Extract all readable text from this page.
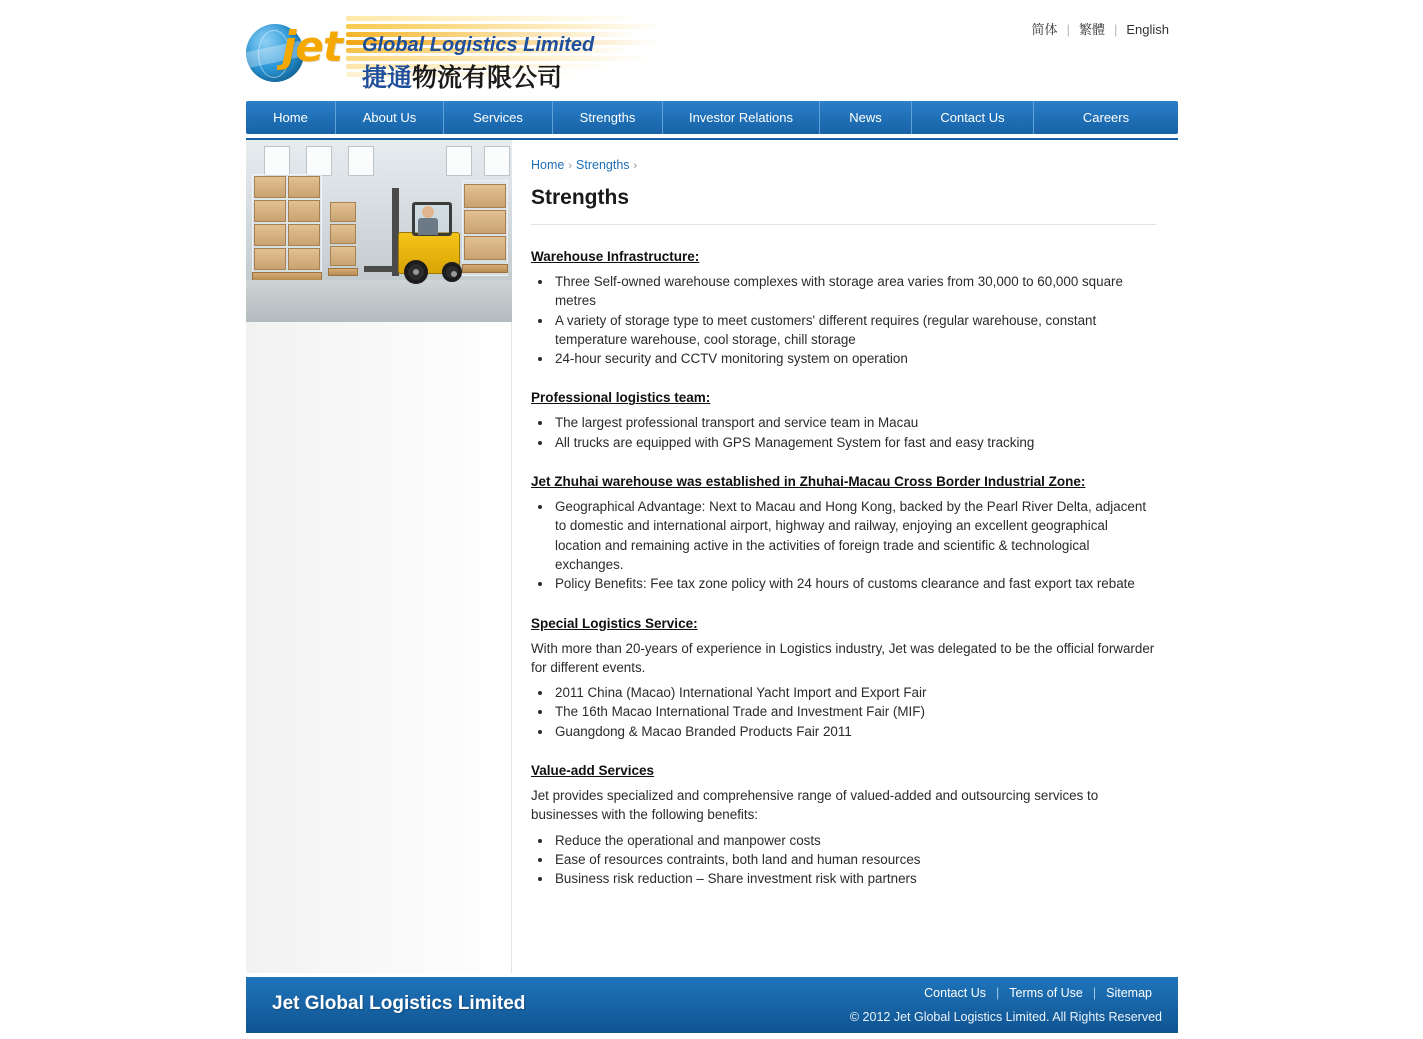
jet Global Logistics Limited
捷通物流有限公司
简体 | 繁體 | English
Home	About Us	Services	Strengths	Investor Relations	News	Contact Us	Careers
Home › Strengths ›
Strengths
Warehouse Infrastructure:
• Three Self-owned warehouse complexes with storage area varies from 30,000 to 60,000 square metres
• A variety of storage type to meet customers' different requires (regular warehouse, constant temperature warehouse, cool storage, chill storage
• 24-hour security and CCTV monitoring system on operation
Professional logistics team:
• The largest professional transport and service team in Macau
• All trucks are equipped with GPS Management System for fast and easy tracking
Jet Zhuhai warehouse was established in Zhuhai-Macau Cross Border Industrial Zone:
• Geographical Advantage: Next to Macau and Hong Kong, backed by the Pearl River Delta, adjacent to domestic and international airport, highway and railway, enjoying an excellent geographical location and remaining active in the activities of foreign trade and scientific & technological exchanges.
• Policy Benefits: Fee tax zone policy with 24 hours of customs clearance and fast export tax rebate
Special Logistics Service:

With more than 20-years of experience in Logistics industry, Jet was delegated to be the official forwarder for different events.

• 2011 China (Macao) International Yacht Import and Export Fair
• The 16th Macao International Trade and Investment Fair (MIF)
• Guangdong & Macao Branded Products Fair 2011
Value-add Services

Jet provides specialized and comprehensive range of valued-added and outsourcing services to businesses with the following benefits:

• Reduce the operational and manpower costs
• Ease of resources contraints, both land and human resources
• Business risk reduction – Share investment risk with partners
Jet Global Logistics Limited	Contact Us | Terms of Use | Sitemap
© 2012 Jet Global Logistics Limited. All Rights Reserved
